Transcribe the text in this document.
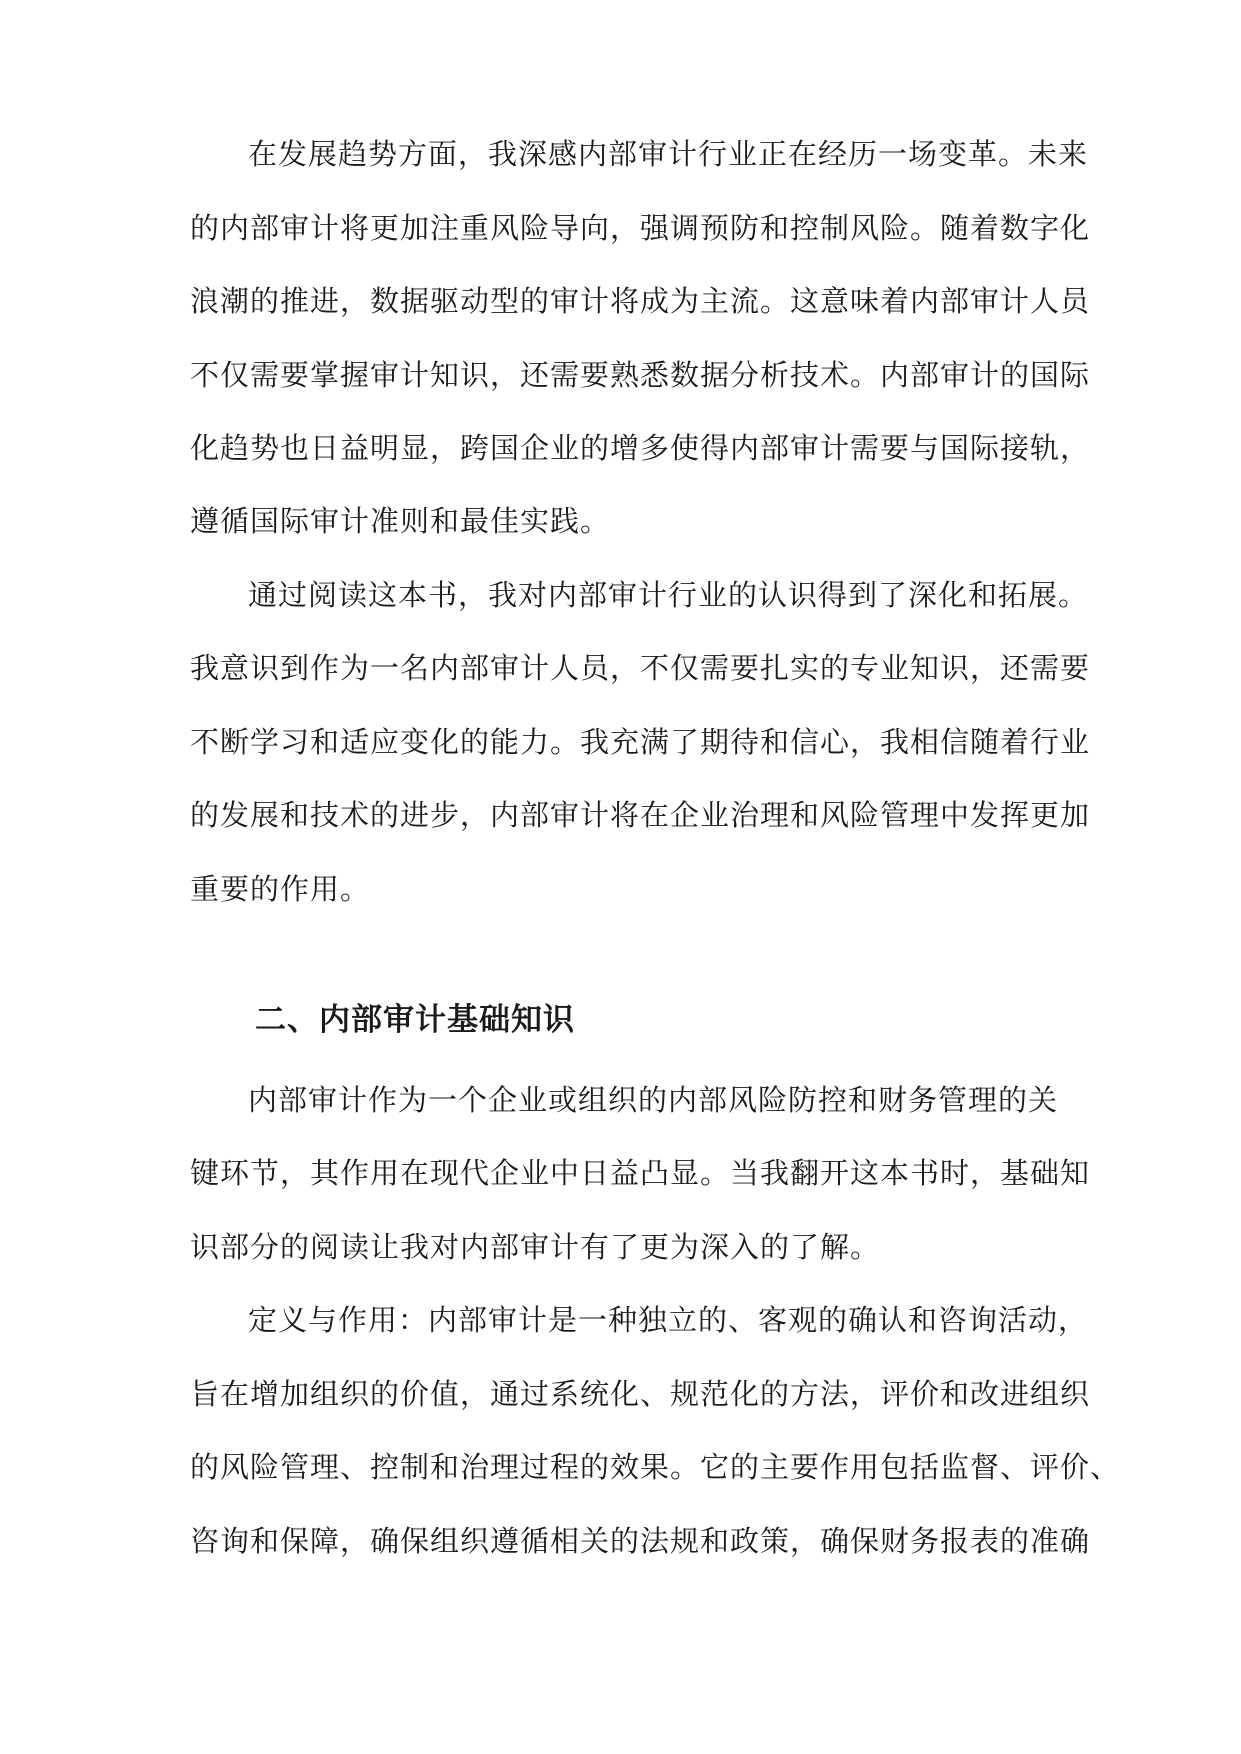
在发展趋势方面，我深感内部审计行业正在经历一场变革。未来
的内部审计将更加注重风险导向，强调预防和控制风险。随着数字化
浪潮的推进，数据驱动型的审计将成为主流。这意味着内部审计人员
不仅需要掌握审计知识，还需要熟悉数据分析技术。内部审计的国际
化趋势也日益明显，跨国企业的增多使得内部审计需要与国际接轨，
遵循国际审计准则和最佳实践。
通过阅读这本书，我对内部审计行业的认识得到了深化和拓展。
我意识到作为一名内部审计人员，不仅需要扎实的专业知识，还需要
不断学习和适应变化的能力。我充满了期待和信心，我相信随着行业
的发展和技术的进步，内部审计将在企业治理和风险管理中发挥更加
重要的作用。
二、内部审计基础知识
内部审计作为一个企业或组织的内部风险防控和财务管理的关
键环节，其作用在现代企业中日益凸显。当我翻开这本书时，基础知
识部分的阅读让我对内部审计有了更为深入的了解。
定义与作用：内部审计是一种独立的、客观的确认和咨询活动，
旨在增加组织的价值，通过系统化、规范化的方法，评价和改进组织
的风险管理、控制和治理过程的效果。它的主要作用包括监督、评价、
咨询和保障，确保组织遵循相关的法规和政策，确保财务报表的准确
